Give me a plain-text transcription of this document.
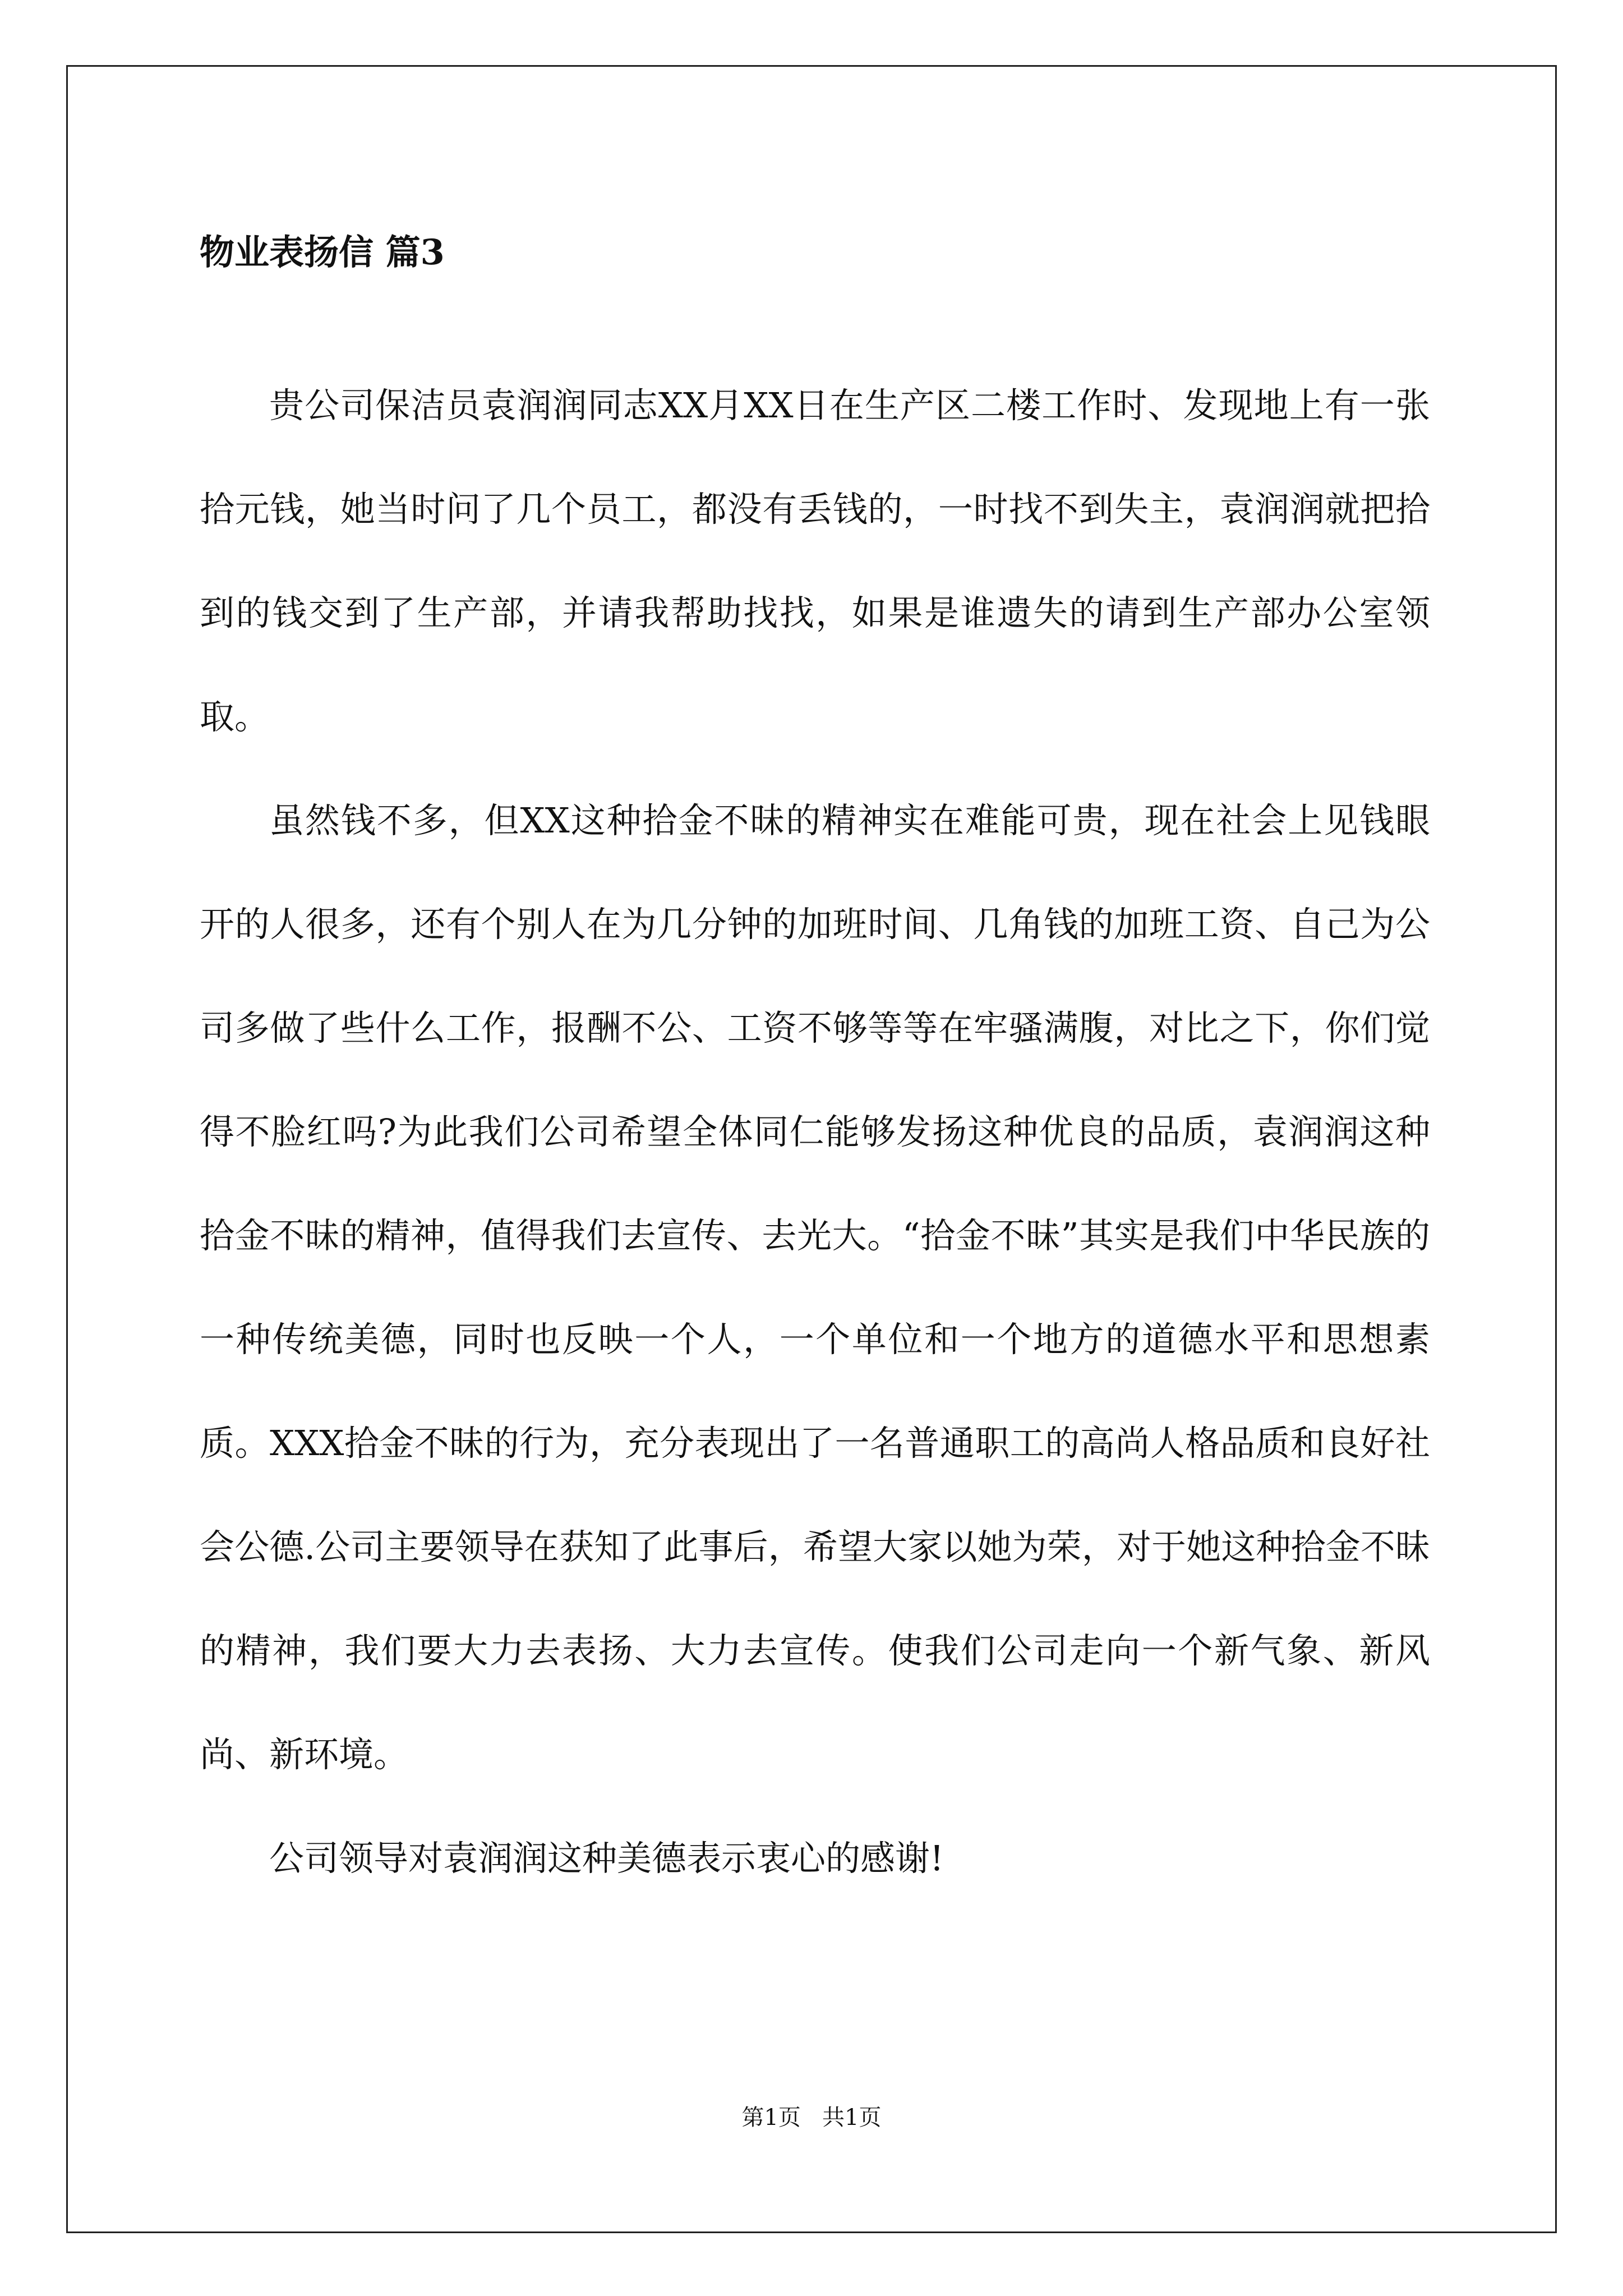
物业表扬信 篇3

贵公司保洁员袁润润同志XX月XX日在生产区二楼工作时、发现地上有一张拾元钱，她当时问了几个员工，都没有丢钱的，一时找不到失主，袁润润就把拾到的钱交到了生产部，并请我帮助找找，如果是谁遗失的请到生产部办公室领取。

虽然钱不多，但XX这种拾金不昧的精神实在难能可贵，现在社会上见钱眼开的人很多，还有个别人在为几分钟的加班时间、几角钱的加班工资、自己为公司多做了些什么工作，报酬不公、工资不够等等在牢骚满腹，对比之下，你们觉得不脸红吗?为此我们公司希望全体同仁能够发扬这种优良的品质，袁润润这种拾金不昧的精神，值得我们去宣传、去光大。“拾金不昧”其实是我们中华民族的一种传统美德，同时也反映一个人，一个单位和一个地方的道德水平和思想素质。XXX拾金不昧的行为，充分表现出了一名普通职工的高尚人格品质和良好社会公德.公司主要领导在获知了此事后，希望大家以她为荣，对于她这种拾金不昧的精神，我们要大力去表扬、大力去宣传。使我们公司走向一个新气象、新风尚、新环境。

公司领导对袁润润这种美德表示衷心的感谢!

第1页   共1页
